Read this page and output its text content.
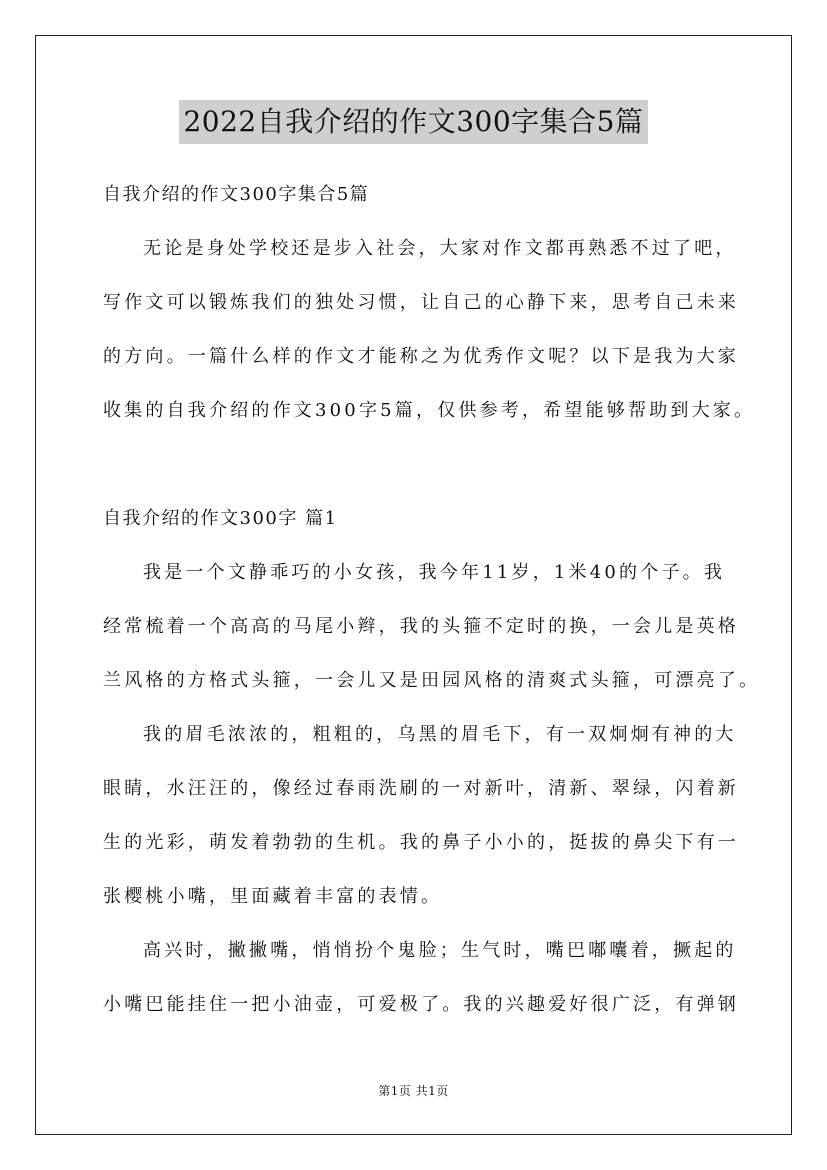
2022自我介绍的作文300字集合5篇
自我介绍的作文300字集合5篇
无论是身处学校还是步入社会，大家对作文都再熟悉不过了吧，
写作文可以锻炼我们的独处习惯，让自己的心静下来，思考自己未来
的方向。一篇什么样的作文才能称之为优秀作文呢？以下是我为大家
收集的自我介绍的作文300字5篇，仅供参考，希望能够帮助到大家。
自我介绍的作文300字 篇1
我是一个文静乖巧的小女孩，我今年11岁，1米40的个子。我
经常梳着一个高高的马尾小辫，我的头箍不定时的换，一会儿是英格
兰风格的方格式头箍，一会儿又是田园风格的清爽式头箍，可漂亮了。
我的眉毛浓浓的，粗粗的，乌黑的眉毛下，有一双炯炯有神的大
眼睛，水汪汪的，像经过春雨洗刷的一对新叶，清新、翠绿，闪着新
生的光彩，萌发着勃勃的生机。我的鼻子小小的，挺拔的鼻尖下有一
张樱桃小嘴，里面藏着丰富的表情。
高兴时，撇撇嘴，悄悄扮个鬼脸；生气时，嘴巴嘟囔着，撅起的
小嘴巴能挂住一把小油壶，可爱极了。我的兴趣爱好很广泛，有弹钢
第1页 共1页
